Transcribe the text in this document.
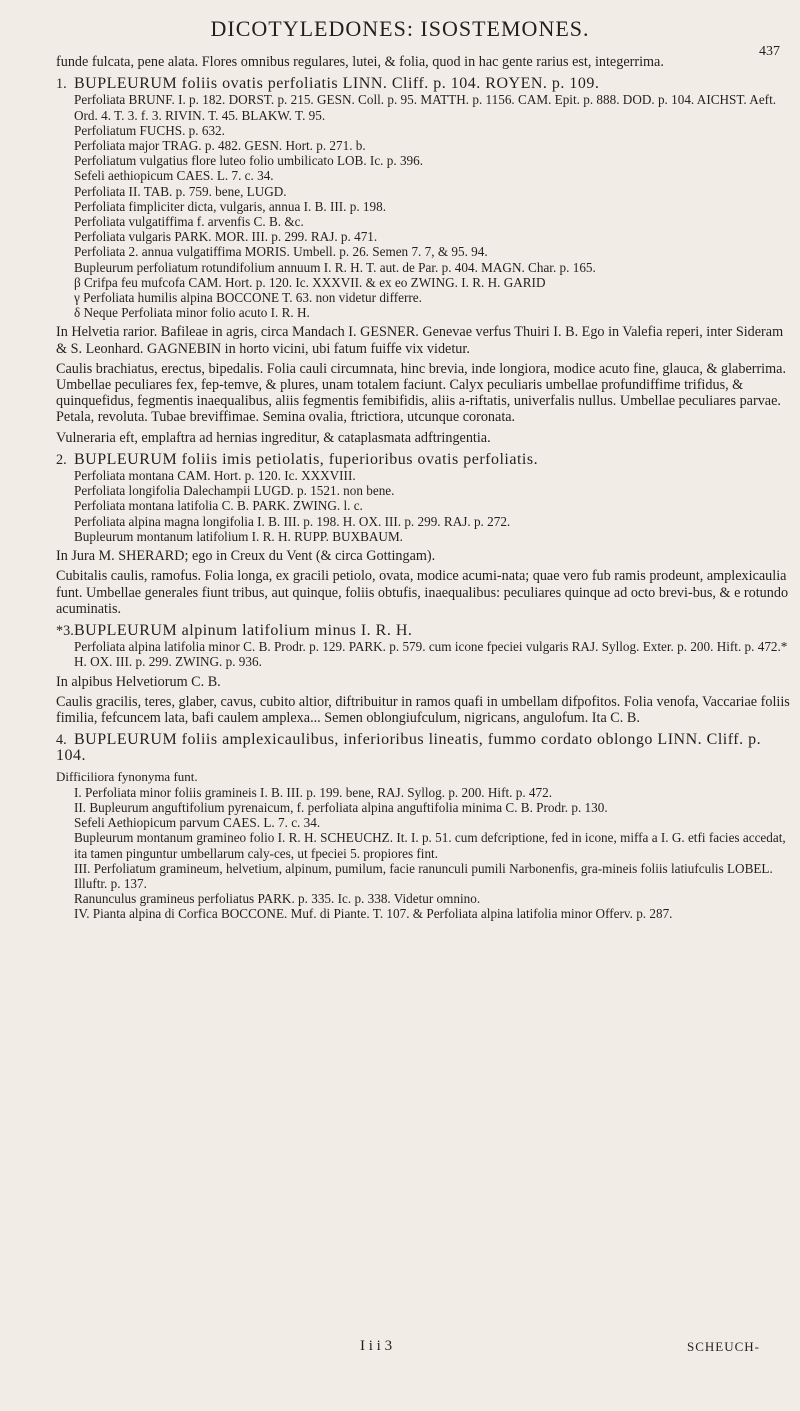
DICOTYLEDONES: ISOSTEMONES.
437

funde fulcata, pene alata. Flores omnibus regulares, lutei, & folia, quod in hac gente rarius est, integerrima.

1. BUPLEURUM foliis ovatis perfoliatis LINN. Cliff. p. 104. ROYEN. p. 109.

Perfoliata BRUNF. I. p. 182. DORST. p. 215. GESN. Coll. p. 95. MATTH. p. 1156. CAM. Epit. p. 888. DOD. p. 104. AICHST. Aeft. Ord. 4. T. 3. f. 3. RIVIN. T. 45. BLAKW. T. 95.

Perfoliatum FUCHS. p. 632.

Perfoliata major TRAG. p. 482. GESN. Hort. p. 271. b.

Perfoliatum vulgatius flore luteo folio umbilicato LOB. Ic. p. 396.

Sefeli aethiopicum CAES. L. 7. c. 34.

Perfoliata II. TAB. p. 759. bene, LUGD.

Perfoliata fimpliciter dicta, vulgaris, annua I. B. III. p. 198.

Perfoliata vulgatiffima f. arvenfis C. B. &c.

Perfoliata vulgaris PARK. MOR. III. p. 299. RAJ. p. 471.

Perfoliata 2. annua vulgatiffima MORIS. Umbell. p. 26. Semen 7. 7, & 95. 94.

Bupleurum perfoliatum rotundifolium annuum I. R. H. T. aut. de Par. p. 404. MAGN. Char. p. 165.

β Crifpa feu mufcofa CAM. Hort. p. 120. Ic. XXXVII. & ex eo ZWING. I. R. H. GARID

γ Perfoliata humilis alpina BOCCONE T. 63. non videtur differre.

δ Neque Perfoliata minor folio acuto I. R. H.

In Helvetia rarior. Bafileae in agris, circa Mandach I. GESNER. Genevae verfus Thuiri I. B. Ego in Valefia reperi, inter Sideram & S. Leonhard. GAGNEBIN in horto vicini, ubi fatum fuiffe vix videtur.

Caulis brachiatus, erectus, bipedalis. Folia cauli circumnata, hinc brevia, inde longiora, modice acuto fine, glauca, & glaberrima. Umbellae peculiares fex, fep-temve, & plures, unam totalem faciunt. Calyx peculiaris umbellae profundiffime trifidus, & quinquefidus, fegmentis inaequalibus, aliis fegmentis femibifidis, aliis a-riftatis, univerfalis nullus. Umbellae peculiares parvae. Petala, revoluta. Tubae breviffimae. Semina ovalia, ftrictiora, utcunque coronata.

Vulneraria eft, emplaftra ad hernias ingreditur, & cataplasmata adftringentia.

2. BUPLEURUM foliis imis petiolatis, fuperioribus ovatis perfoliatis.

Perfoliata montana CAM. Hort. p. 120. Ic. XXXVIII.

Perfoliata longifolia Dalechampii LUGD. p. 1521. non bene.

Perfoliata montana latifolia C. B. PARK. ZWING. l. c.

Perfoliata alpina magna longifolia I. B. III. p. 198. H. OX. III. p. 299. RAJ. p. 272.

Bupleurum montanum latifolium I. R. H. RUPP. BUXBAUM.

In Jura M. SHERARD; ego in Creux du Vent (& circa Gottingam).

Cubitalis caulis, ramofus. Folia longa, ex gracili petiolo, ovata, modice acumi-nata; quae vero fub ramis prodeunt, amplexicaulia funt. Umbellae generales fiunt tribus, aut quinque, foliis obtufis, inaequalibus: peculiares quinque ad octo brevi-bus, & e rotundo acuminatis.

*3.BUPLEURUM alpinum latifolium minus I. R. H.

Perfoliata alpina latifolia minor C. B. Prodr. p. 129. PARK. p. 579. cum icone fpeciei vulgaris RAJ. Syllog. Exter. p. 200. Hift. p. 472.* H. OX. III. p. 299. ZWING. p. 936.

In alpibus Helvetiorum C. B.

Caulis gracilis, teres, glaber, cavus, cubito altior, diftribuitur in ramos quafi in umbellam difpofitos. Folia venofa, Vaccariae foliis fimilia, fefcuncem lata, bafi caulem amplexa... Semen oblongiufculum, nigricans, angulofum. Ita C. B.

4. BUPLEURUM foliis amplexicaulibus, inferioribus lineatis, fummo cordato oblongo LINN. Cliff. p. 104.

Difficiliora fynonyma funt.

I. Perfoliata minor foliis gramineis I. B. III. p. 199. bene, RAJ. Syllog. p. 200. Hift. p. 472.

II. Bupleurum anguftifolium pyrenaicum, f. perfoliata alpina anguftifolia minima C. B. Prodr. p. 130.

Sefeli Aethiopicum parvum CAES. L. 7. c. 34.

Bupleurum montanum gramineo folio I. R. H. SCHEUCHZ. It. I. p. 51. cum defcriptione, fed in icone, miffa a I. G. etfi facies accedat, ita tamen pinguntur umbellarum caly-ces, ut fpeciei 5. propiores fint.

III. Perfoliatum gramineum, helvetium, alpinum, pumilum, facie ranunculi pumili Narbonenfis, gra-mineis foliis latiufculis LOBEL. Illuftr. p. 137.

Ranunculus gramineus perfoliatus PARK. p. 335. Ic. p. 338. Videtur omnino.

IV. Pianta alpina di Corfica BOCCONE. Muf. di Piante. T. 107. & Perfoliata alpina latifolia minor Offerv. p. 287.

I i i 3	SCHEUCH-
